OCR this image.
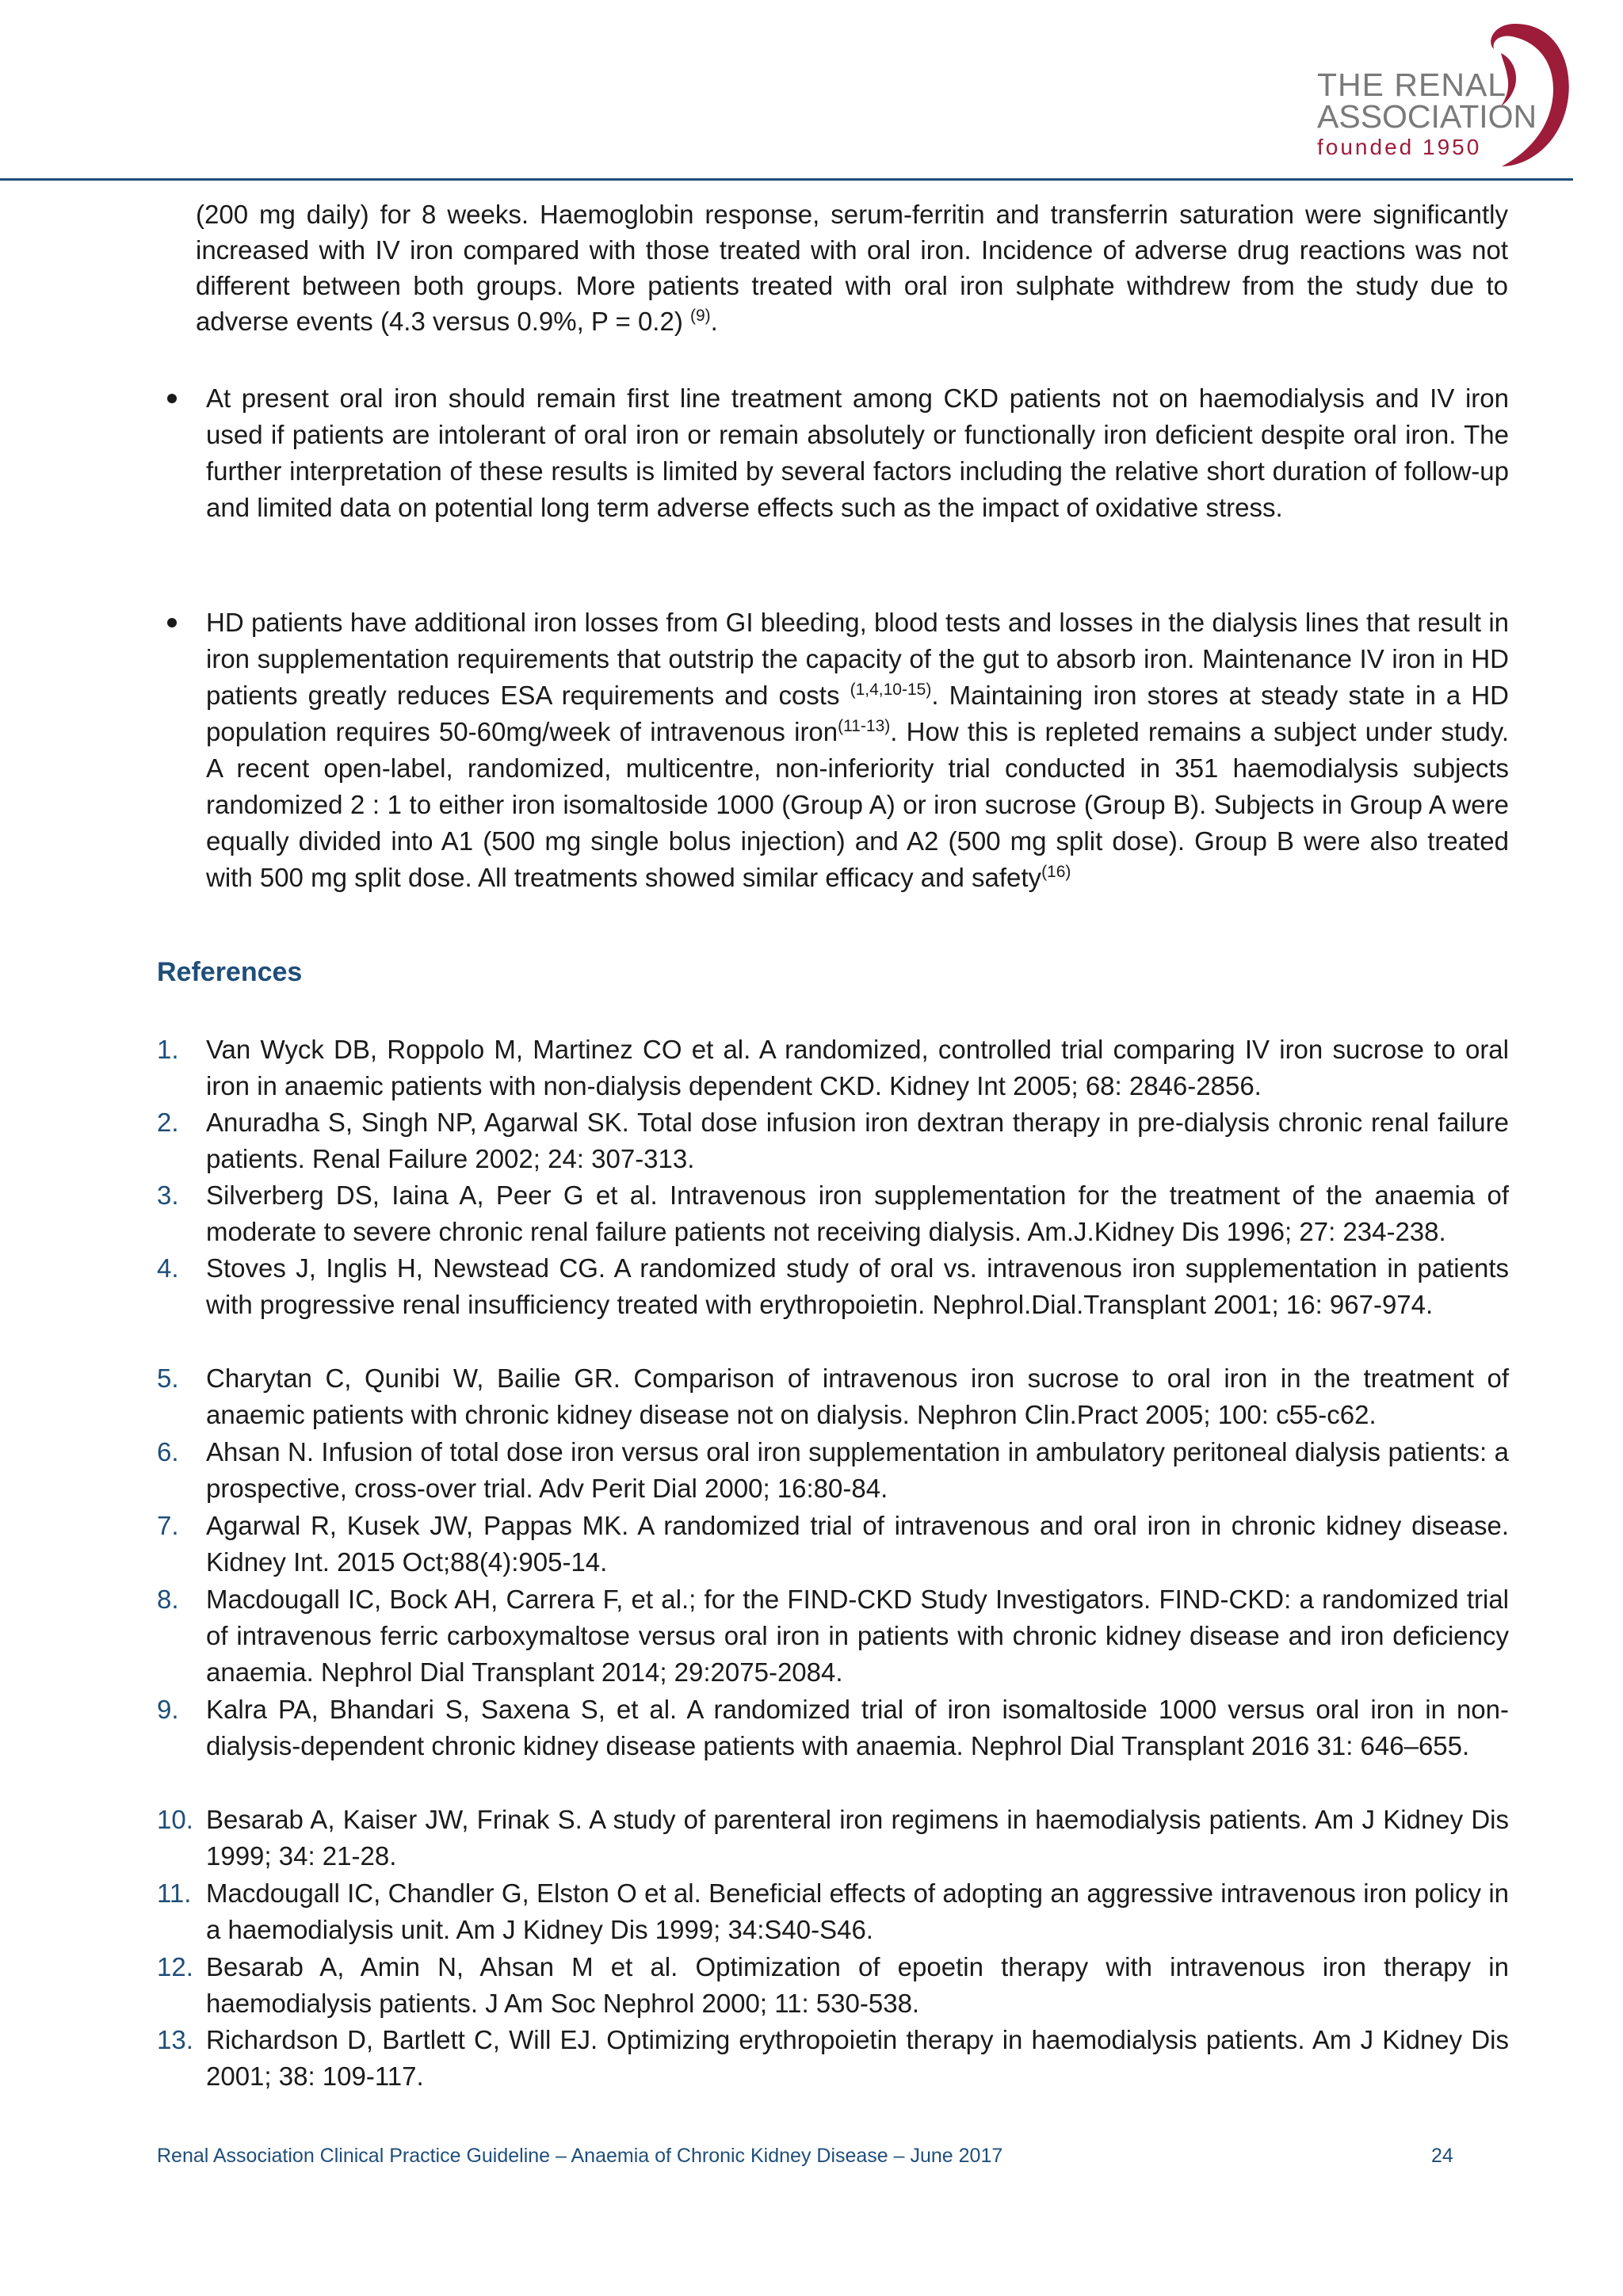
THE RENAL
ASSOCIATION
founded 1950
(200 mg daily) for 8 weeks. Haemoglobin response, serum-ferritin and transferrin saturation were significantly increased with IV iron compared with those treated with oral iron. Incidence of adverse drug reactions was not different between both groups. More patients treated with oral iron sulphate withdrew from the study due to adverse events (4.3 versus 0.9%, P = 0.2) $^{(9)}$.
At present oral iron should remain first line treatment among CKD patients not on haemodialysis and IV iron used if patients are intolerant of oral iron or remain absolutely or functionally iron deficient despite oral iron. The further interpretation of these results is limited by several factors including the relative short duration of follow-up and limited data on potential long term adverse effects such as the impact of oxidative stress.
HD patients have additional iron losses from GI bleeding, blood tests and losses in the dialysis lines that result in iron supplementation requirements that outstrip the capacity of the gut to absorb iron. Maintenance IV iron in HD patients greatly reduces ESA requirements and costs $^{(1,4,10-15)}$. Maintaining iron stores at steady state in a HD population requires 50-60mg/week of intravenous iron$^{(11-13)}$. How this is repleted remains a subject under study. A recent open-label, randomized, multicentre, non-inferiority trial conducted in 351 haemodialysis subjects randomized 2 : 1 to either iron isomaltoside 1000 (Group A) or iron sucrose (Group B). Subjects in Group A were equally divided into A1 (500 mg single bolus injection) and A2 (500 mg split dose). Group B were also treated with 500 mg split dose. All treatments showed similar efficacy and safety$^{(16)}$
References
1. Van Wyck DB, Roppolo M, Martinez CO et al. A randomized, controlled trial comparing IV iron sucrose to oral iron in anaemic patients with non-dialysis dependent CKD. Kidney Int 2005; 68: 2846-2856.
2. Anuradha S, Singh NP, Agarwal SK. Total dose infusion iron dextran therapy in pre-dialysis chronic renal failure patients. Renal Failure 2002; 24: 307-313.
3. Silverberg DS, Iaina A, Peer G et al. Intravenous iron supplementation for the treatment of the anaemia of moderate to severe chronic renal failure patients not receiving dialysis. Am.J.Kidney Dis 1996; 27: 234-238.
4. Stoves J, Inglis H, Newstead CG. A randomized study of oral vs. intravenous iron supplementation in patients with progressive renal insufficiency treated with erythropoietin. Nephrol.Dial.Transplant 2001; 16: 967-974.
5. Charytan C, Qunibi W, Bailie GR. Comparison of intravenous iron sucrose to oral iron in the treatment of anaemic patients with chronic kidney disease not on dialysis. Nephron Clin.Pract 2005; 100: c55-c62.
6. Ahsan N. Infusion of total dose iron versus oral iron supplementation in ambulatory peritoneal dialysis patients: a prospective, cross-over trial. Adv Perit Dial 2000; 16:80-84.
7. Agarwal R, Kusek JW, Pappas MK. A randomized trial of intravenous and oral iron in chronic kidney disease. Kidney Int. 2015 Oct;88(4):905-14.
8. Macdougall IC, Bock AH, Carrera F, et al.; for the FIND-CKD Study Investigators. FIND-CKD: a randomized trial of intravenous ferric carboxymaltose versus oral iron in patients with chronic kidney disease and iron deficiency anaemia. Nephrol Dial Transplant 2014; 29:2075-2084.
9. Kalra PA, Bhandari S, Saxena S, et al. A randomized trial of iron isomaltoside 1000 versus oral iron in non-dialysis-dependent chronic kidney disease patients with anaemia. Nephrol Dial Transplant 2016 31: 646–655.
10. Besarab A, Kaiser JW, Frinak S. A study of parenteral iron regimens in haemodialysis patients. Am J Kidney Dis 1999; 34: 21-28.
11. Macdougall IC, Chandler G, Elston O et al. Beneficial effects of adopting an aggressive intravenous iron policy in a haemodialysis unit. Am J Kidney Dis 1999; 34:S40-S46.
12. Besarab A, Amin N, Ahsan M et al. Optimization of epoetin therapy with intravenous iron therapy in haemodialysis patients. J Am Soc Nephrol 2000; 11: 530-538.
13. Richardson D, Bartlett C, Will EJ. Optimizing erythropoietin therapy in haemodialysis patients. Am J Kidney Dis 2001; 38: 109-117.
Renal Association Clinical Practice Guideline – Anaemia of Chronic Kidney Disease – June 2017	24
